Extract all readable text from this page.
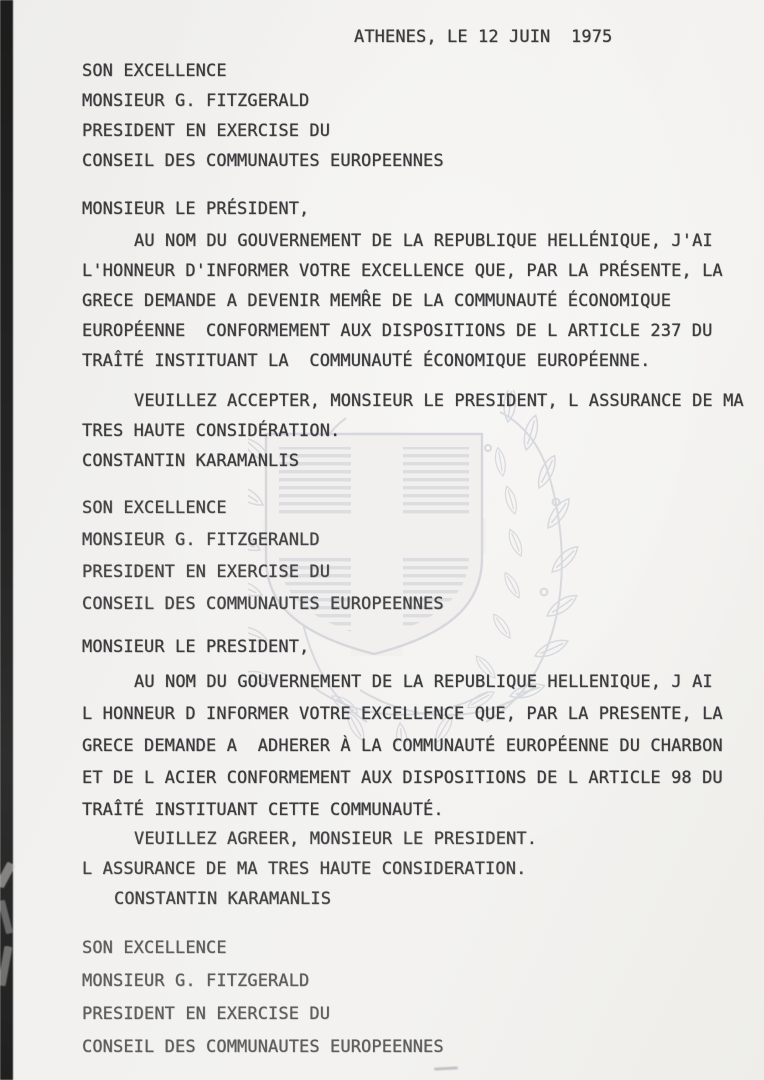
ATHENES, LE 12 JUIN  1975
SON EXCELLENCE
MONSIEUR G. FITZGERALD
PRESIDENT EN EXERCISE DU
CONSEIL DES COMMUNAUTES EUROPEENNES
MONSIEUR LE PRÉSIDENT,
AU NOM DU GOUVERNEMENT DE LA REPUBLIQUE HELLÉNIQUE, J'AI
L'HONNEUR D'INFORMER VOTRE EXCELLENCE QUE, PAR LA PRÉSENTE, LA
GRECE DEMANDE A DEVENIR MEMR̂E DE LA COMMUNAUTÉ ÉCONOMIQUE
EUROPÉENNE  CONFORMEMENT AUX DISPOSITIONS DE L ARTICLE 237 DU
TRAÎTÉ INSTITUANT LA  COMMUNAUTÉ ÉCONOMIQUE EUROPÉENNE.
VEUILLEZ ACCEPTER, MONSIEUR LE PRESIDENT, L ASSURANCE DE MA
TRES HAUTE CONSIDÉRATION.
CONSTANTIN KARAMANLIS
SON EXCELLENCE
MONSIEUR G. FITZGERANLD
PRESIDENT EN EXERCISE DU
CONSEIL DES COMMUNAUTES EUROPEENNES
MONSIEUR LE PRESIDENT,
AU NOM DU GOUVERNEMENT DE LA REPUBLIQUE HELLENIQUE, J AI
L HONNEUR D INFORMER VOTRE EXCELLENCE QUE, PAR LA PRESENTE, LA
GRECE DEMANDE A  ADHERER À LA COMMUNAUTÉ EUROPÉENNE DU CHARBON
ET DE L ACIER CONFORMEMENT AUX DISPOSITIONS DE L ARTICLE 98 DU
TRAÎTÉ INSTITUANT CETTE COMMUNAUTÉ.
VEUILLEZ AGREER, MONSIEUR LE PRESIDENT.
L ASSURANCE DE MA TRES HAUTE CONSIDERATION.
CONSTANTIN KARAMANLIS
SON EXCELLENCE
MONSIEUR G. FITZGERALD
PRESIDENT EN EXERCISE DU
CONSEIL DES COMMUNAUTES EUROPEENNES
